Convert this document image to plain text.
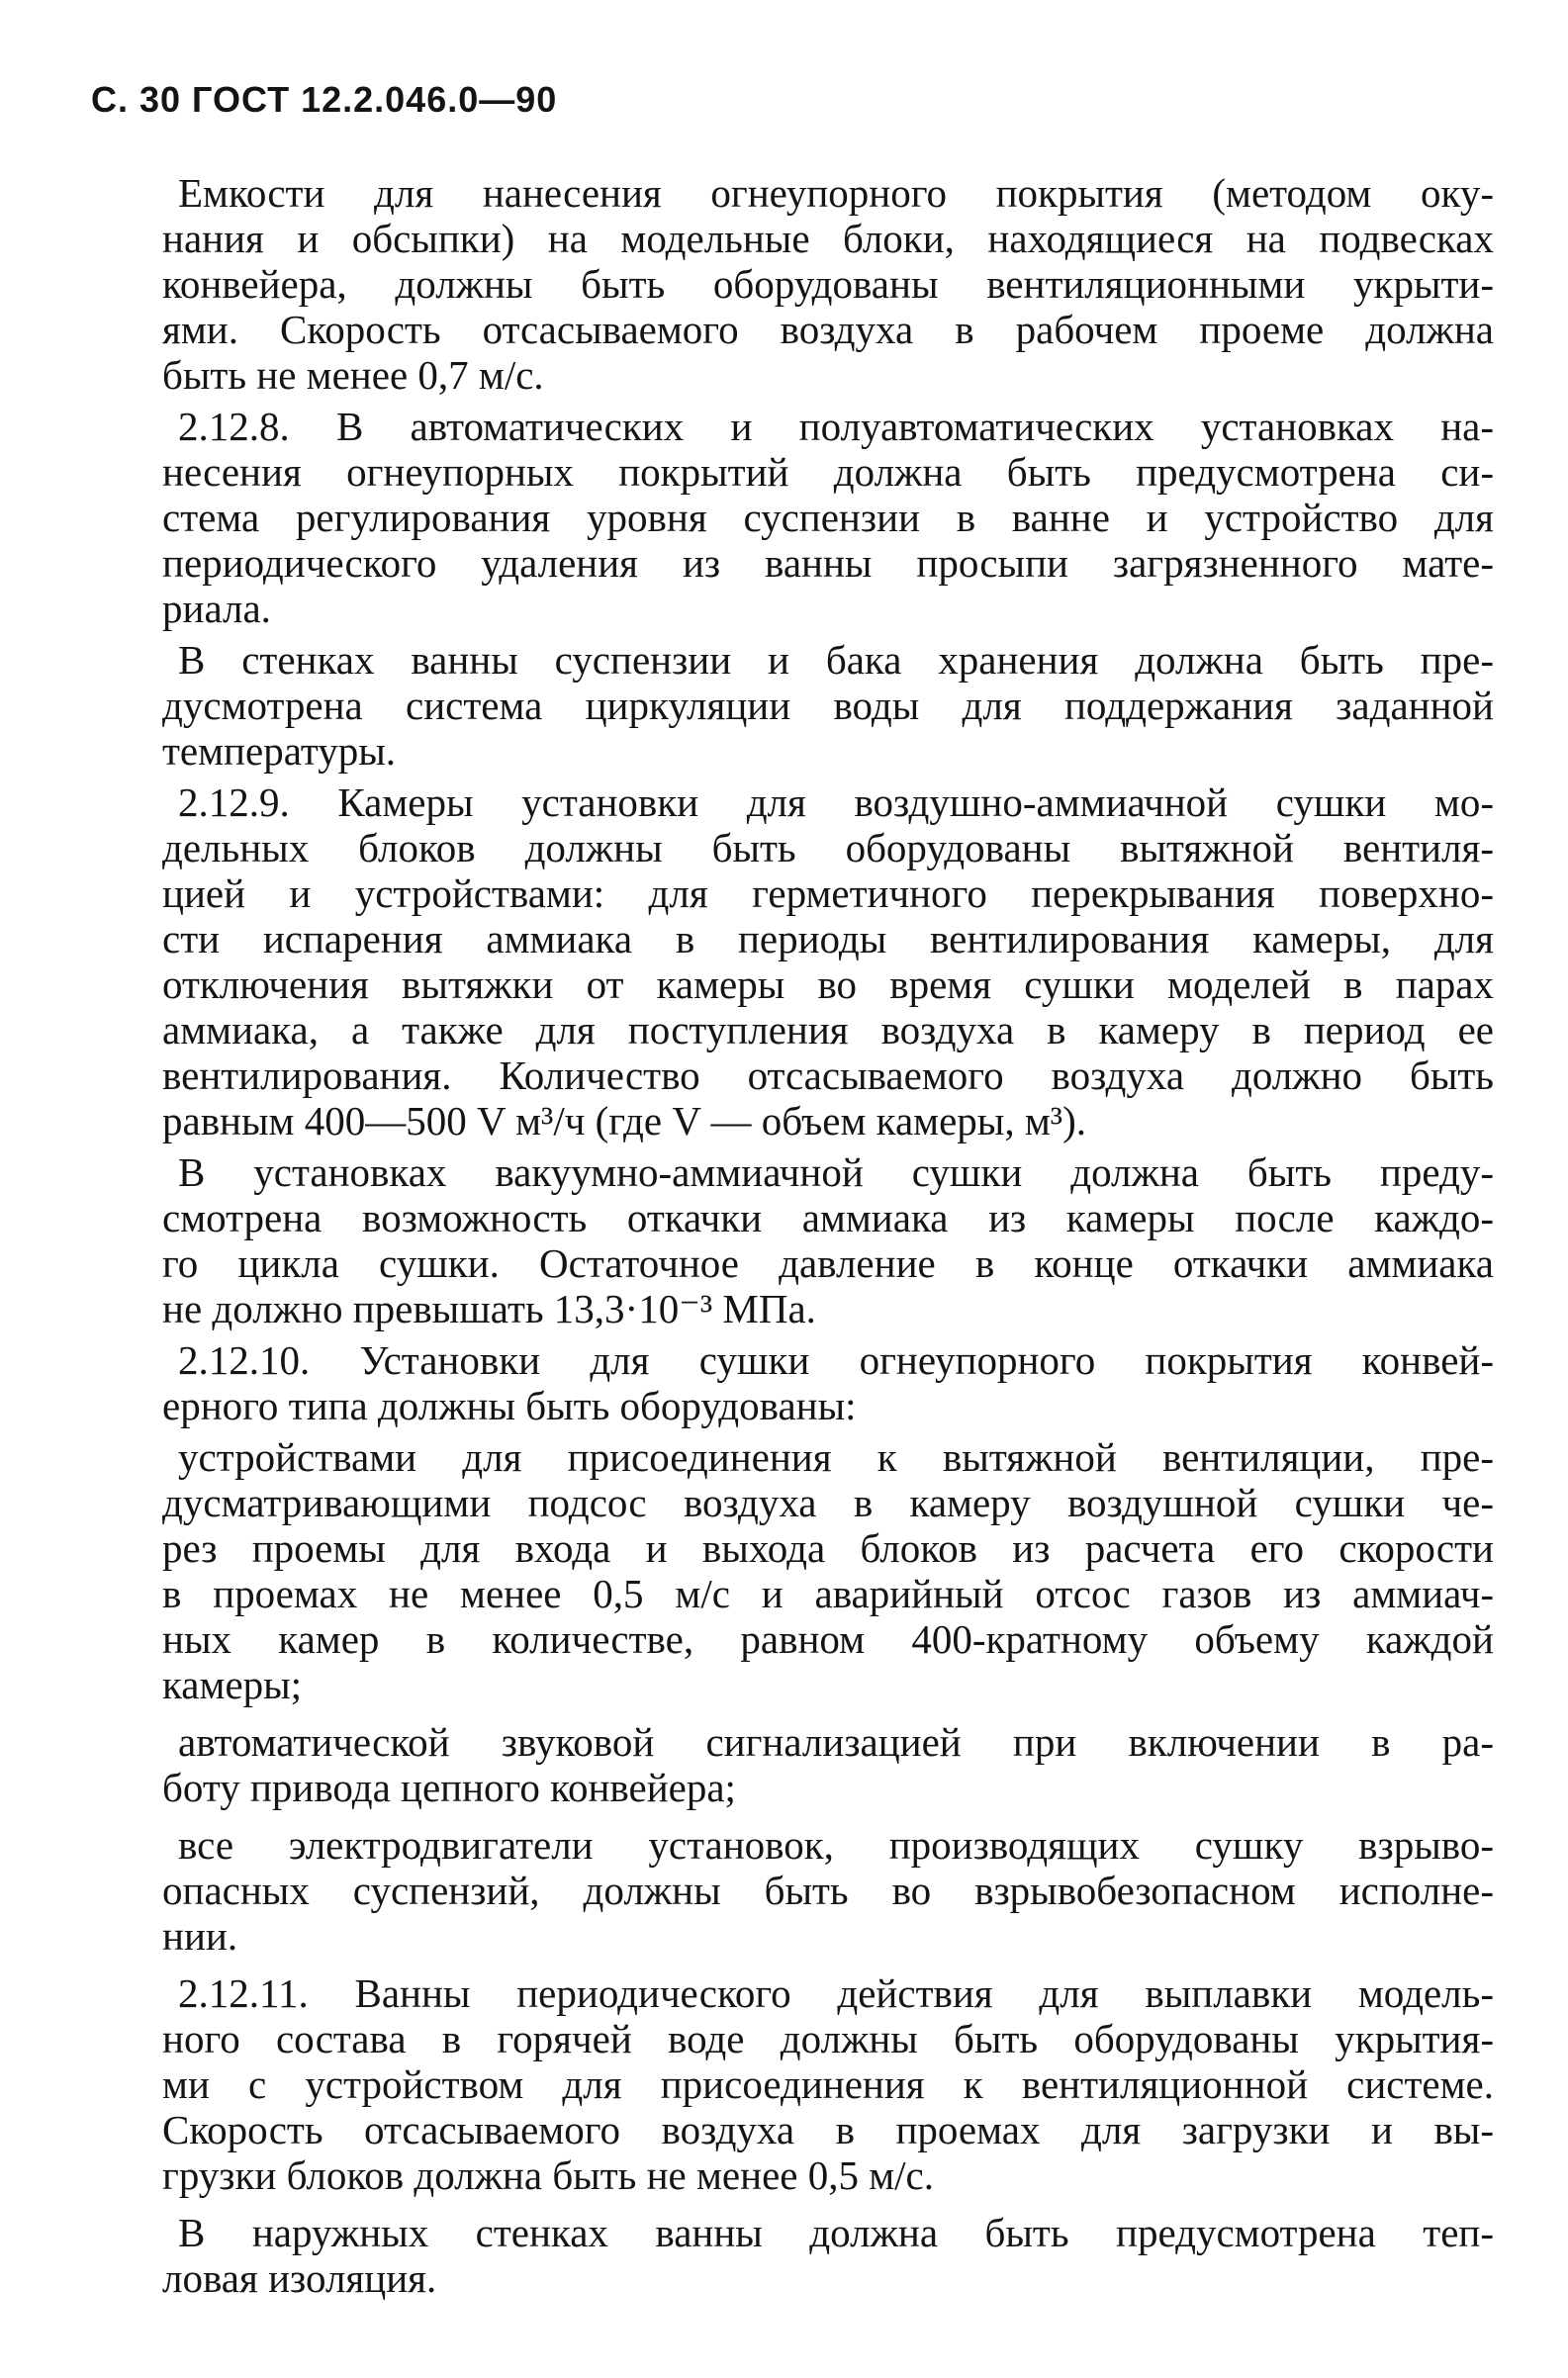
С. 30 ГОСТ 12.2.046.0—90
Емкости для нанесения огнеупорного покрытия (методом оку-
нания и обсыпки) на модельные блоки, находящиеся на подвесках
конвейера, должны быть оборудованы вентиляционными укрыти-
ями. Скорость отсасываемого воздуха в рабочем проеме должна
быть не менее 0,7 м/с.
2.12.8. В автоматических и полуавтоматических установках на-
несения огнеупорных покрытий должна быть предусмотрена си-
стема регулирования уровня суспензии в ванне и устройство для
периодического удаления из ванны просыпи загрязненного мате-
риала.
В стенках ванны суспензии и бака хранения должна быть пре-
дусмотрена система циркуляции воды для поддержания заданной
температуры.
2.12.9. Камеры установки для воздушно-аммиачной сушки мо-
дельных блоков должны быть оборудованы вытяжной вентиля-
цией и устройствами: для герметичного перекрывания поверхно-
сти испарения аммиака в периоды вентилирования камеры, для
отключения вытяжки от камеры во время сушки моделей в парах
аммиака, а также для поступления воздуха в камеру в период ее
вентилирования. Количество отсасываемого воздуха должно быть
равным 400—500 V м³/ч (где V — объем камеры, м³).
В установках вакуумно-аммиачной сушки должна быть преду-
смотрена возможность откачки аммиака из камеры после каждо-
го цикла сушки. Остаточное давление в конце откачки аммиака
не должно превышать 13,3·10⁻³ МПа.
2.12.10. Установки для сушки огнеупорного покрытия конвей-
ерного типа должны быть оборудованы:
устройствами для присоединения к вытяжной вентиляции, пре-
дусматривающими подсос воздуха в камеру воздушной сушки че-
рез проемы для входа и выхода блоков из расчета его скорости
в проемах не менее 0,5 м/с и аварийный отсос газов из аммиач-
ных камер в количестве, равном 400-кратному объему каждой
камеры;
автоматической звуковой сигнализацией при включении в ра-
боту привода цепного конвейера;
все электродвигатели установок, производящих сушку взрыво-
опасных суспензий, должны быть во взрывобезопасном исполне-
нии.
2.12.11. Ванны периодического действия для выплавки модель-
ного состава в горячей воде должны быть оборудованы укрытия-
ми с устройством для присоединения к вентиляционной системе.
Скорость отсасываемого воздуха в проемах для загрузки и вы-
грузки блоков должна быть не менее 0,5 м/с.
В наружных стенках ванны должна быть предусмотрена теп-
ловая изоляция.
